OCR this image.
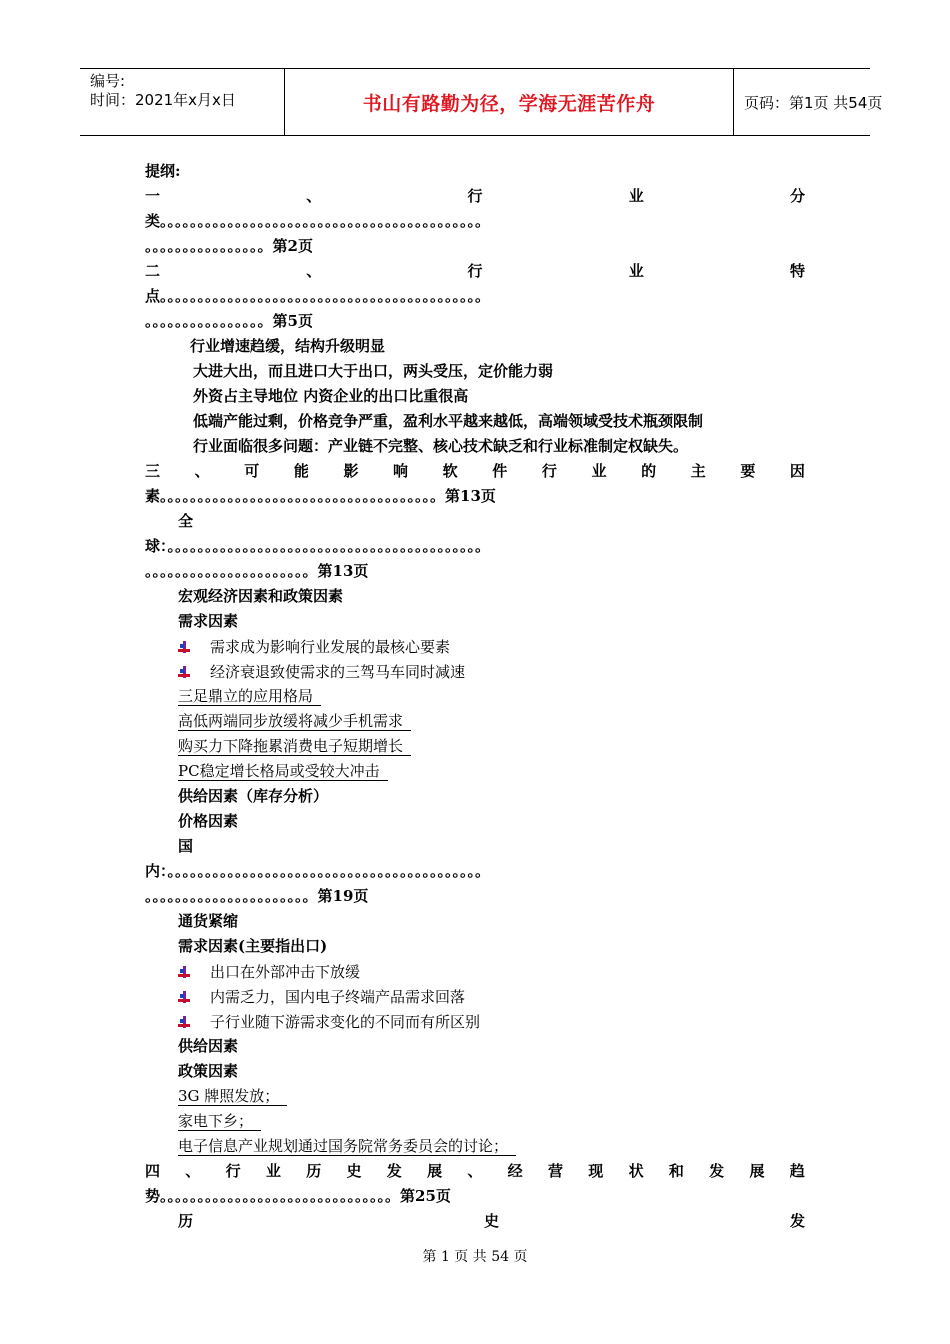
编号:
时间：2021年x月x日	书山有路勤为径，学海无涯苦作舟	页码：第1页 共54页
提纲:
一	、	行	业	分
类。。。。。。。。。。。。。。。。。。。。。。。。。。。。。。。。。。。。。。。。。。。
。。。。。。。。。。。。。。。。第2页
二	、	行	业	特
点。。。。。。。。。。。。。。。。。。。。。。。。。。。。。。。。。。。。。。。。。。。
。。。。。。。。。。。。。。。。第5页
行业增速趋缓，结构升级明显
大进大出，而且进口大于出口，两头受压，定价能力弱
外资占主导地位 内资企业的出口比重很高
低端产能过剩，价格竞争严重，盈利水平越来越低，高端领域受技术瓶颈限制
行业面临很多问题：产业链不完整、核心技术缺乏和行业标准制定权缺失。
三 、 可 能 影 响 软 件 行 业 的 主 要 因
素。。。。。。。。。。。。。。。。。。。。。。。。。。。。。。。。。。。。。第13页
全
球：。。。。。。。。。。。。。。。。。。。。。。。。。。。。。。。。。。。。。。。。。。
。。。。。。。。。。。。。。。。。。。。。。第13页
宏观经济因素和政策因素
需求因素
需求成为影响行业发展的最核心要素
经济衰退致使需求的三驾马车同时减速
三足鼎立的应用格局
高低两端同步放缓将减少手机需求
购买力下降拖累消费电子短期增长
PC稳定增长格局或受较大冲击
供给因素（库存分析）
价格因素
国
内：。。。。。。。。。。。。。。。。。。。。。。。。。。。。。。。。。。。。。。。。。。
。。。。。。。。。。。。。。。。。。。。。。第19页
通货紧缩
需求因素(主要指出口)
出口在外部冲击下放缓
内需乏力，国内电子终端产品需求回落
子行业随下游需求变化的不同而有所区别
供给因素
政策因素
3G 牌照发放；
家电下乡；
电子信息产业规划通过国务院常务委员会的讨论；
四 、 行 业 历 史 发 展 、 经 营 现 状 和 发 展 趋
势。。。。。。。。。。。。。。。。。。。。。。。。。。。。。。。第25页
历	史	发
第 1 页 共 54 页
